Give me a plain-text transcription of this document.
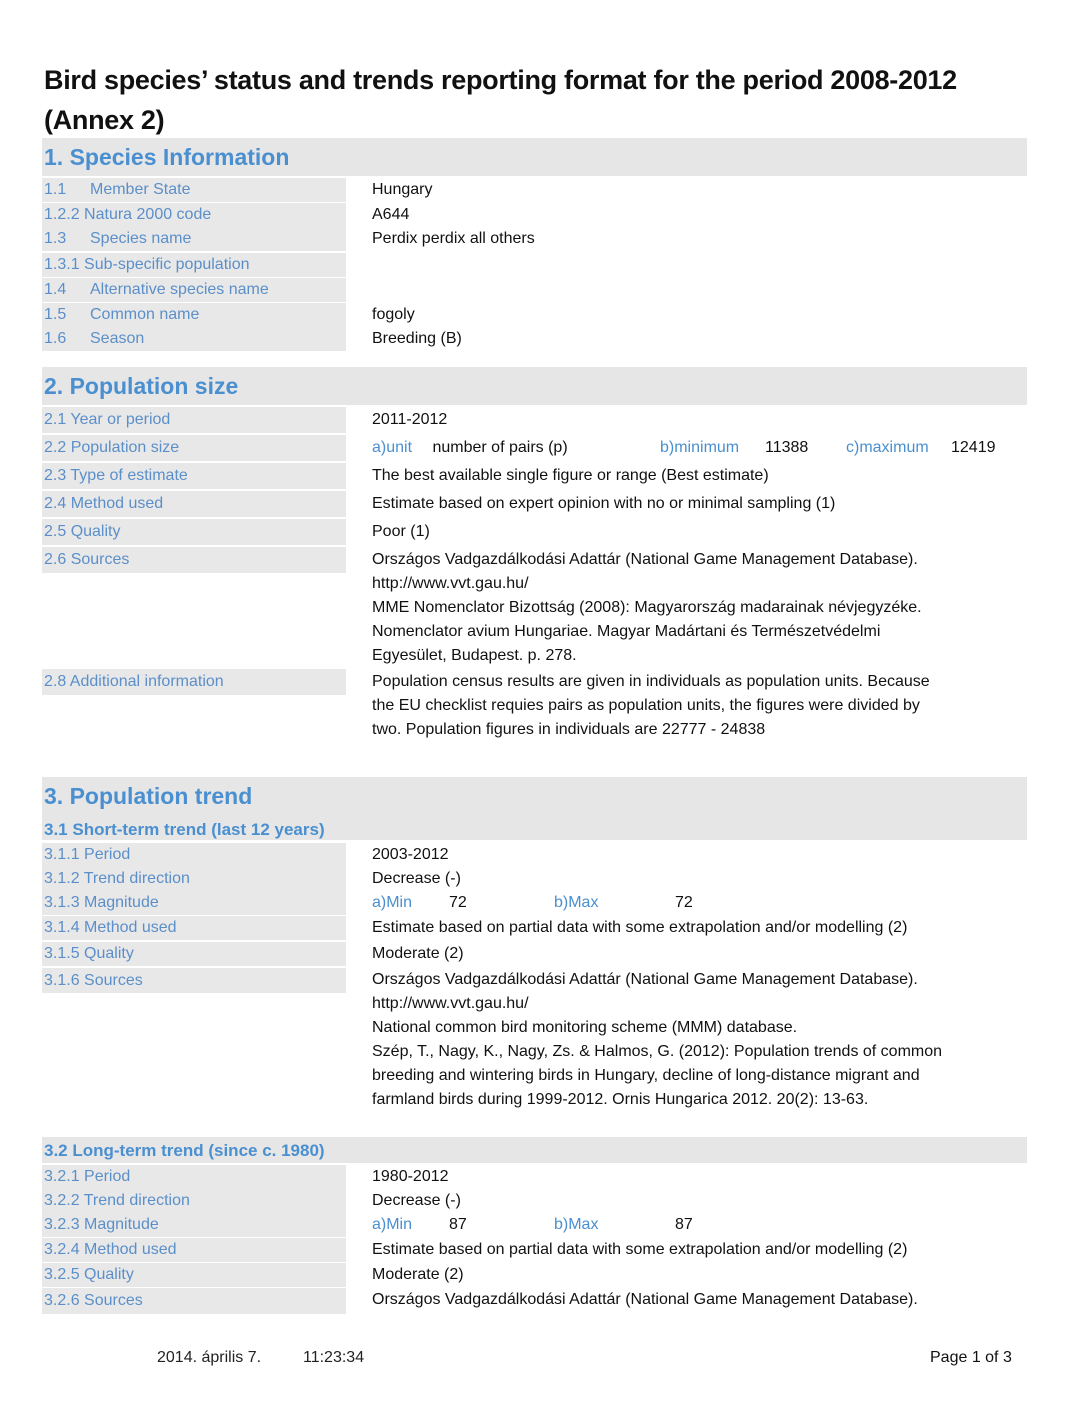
Bird species’ status and trends reporting format for the period 2008-2012 (Annex 2)
1. Species Information
1.1 Member State	Hungary
1.2.2 Natura 2000 code	A644
1.3 Species name	Perdix perdix all others
1.3.1 Sub-specific population
1.4 Alternative species name
1.5 Common name	fogoly
1.6 Season	Breeding (B)
2. Population size
2.1 Year or period	2011-2012
2.2 Population size	a)unit number of pairs (p)	b)minimum 11388 c)maximum 12419
2.3 Type of estimate	The best available single figure or range (Best estimate)
2.4 Method used	Estimate based on expert opinion with no or minimal sampling (1)
2.5 Quality	Poor (1)
2.6 Sources	Országos Vadgazdálkodási Adattár (National Game Management Database).
http://www.vvt.gau.hu/
MME Nomenclator Bizottság (2008): Magyarország madarainak névjegyzéke.
Nomenclator avium Hungariae. Magyar Madártani és Természetvédelmi
Egyesület, Budapest. p. 278.
2.8 Additional information	Population census results are given in individuals as population units. Because
the EU checklist requies pairs as population units, the figures were divided by
two. Population figures in individuals are 22777 - 24838
3. Population trend
3.1 Short-term trend (last 12 years)
3.1.1 Period	2003-2012
3.1.2 Trend direction	Decrease (-)
3.1.3 Magnitude	a)Min 72	b)Max	72
3.1.4 Method used	Estimate based on partial data with some extrapolation and/or modelling (2)
3.1.5 Quality	Moderate (2)
3.1.6 Sources	Országos Vadgazdálkodási Adattár (National Game Management Database).
http://www.vvt.gau.hu/
National common bird monitoring scheme (MMM) database.
Szép, T., Nagy, K., Nagy, Zs. & Halmos, G. (2012): Population trends of common
breeding and wintering birds in Hungary, decline of long-distance migrant and
farmland birds during 1999-2012. Ornis Hungarica 2012. 20(2): 13-63.
3.2 Long-term trend (since c. 1980)
3.2.1 Period	1980-2012
3.2.2 Trend direction	Decrease (-)
3.2.3 Magnitude	a)Min 87	b)Max	87
3.2.4 Method used	Estimate based on partial data with some extrapolation and/or modelling (2)
3.2.5 Quality	Moderate (2)
3.2.6 Sources	Országos Vadgazdálkodási Adattár (National Game Management Database).
2014. április 7.	11:23:34	Page 1 of 3
